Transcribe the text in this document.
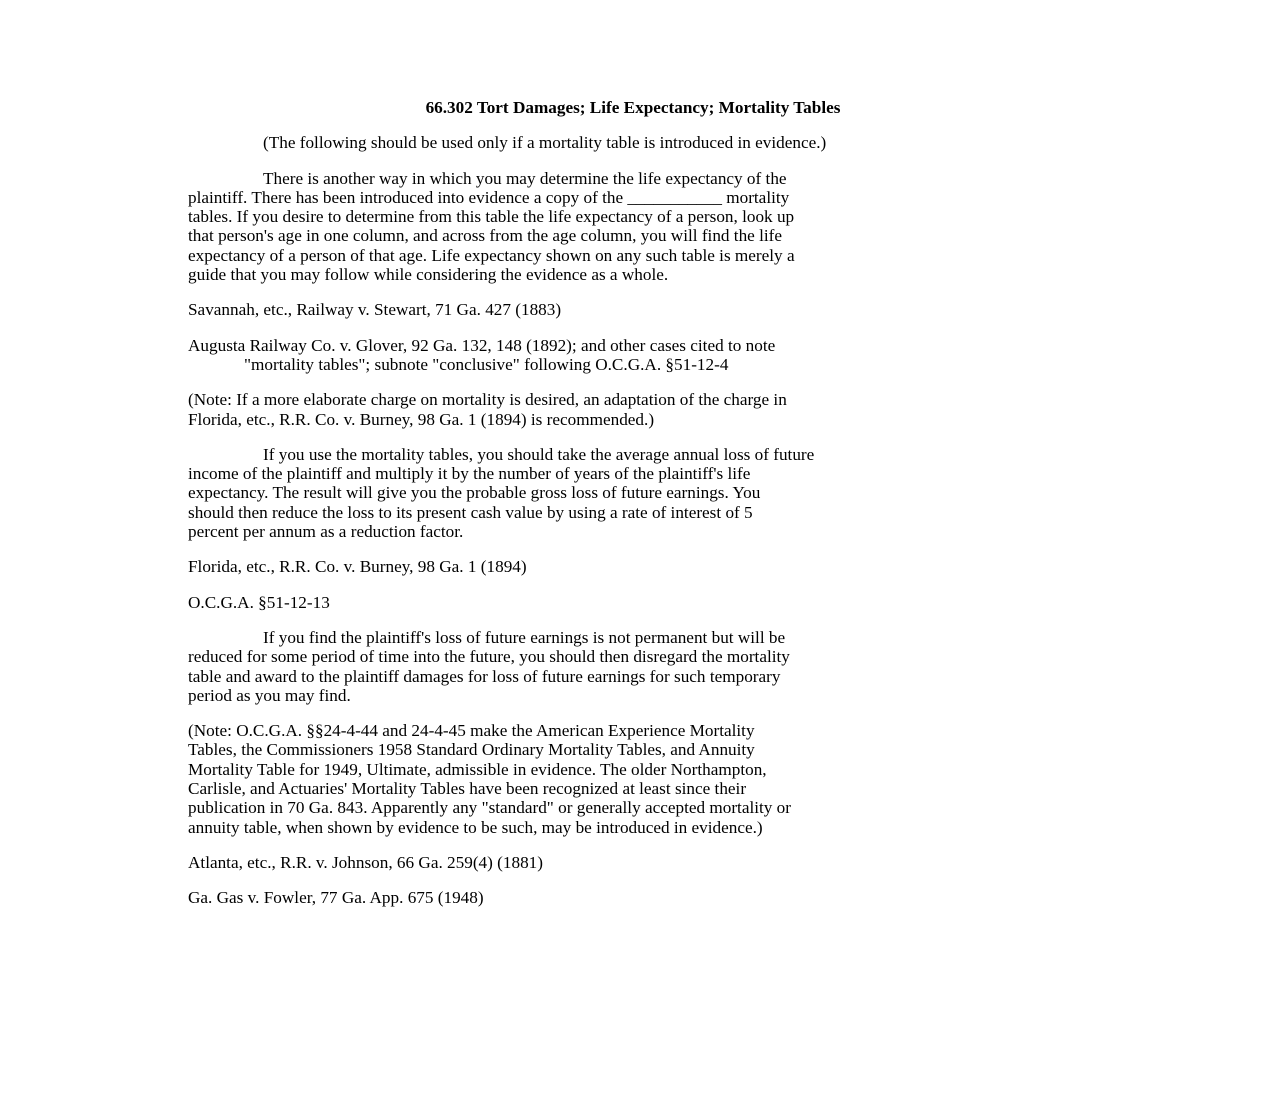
66.302 Tort Damages; Life Expectancy; Mortality Tables
(The following should be used only if a mortality table is introduced in evidence.)
There is another way in which you may determine the life expectancy of the
plaintiff. There has been introduced into evidence a copy of the ___________ mortality
tables. If you desire to determine from this table the life expectancy of a person, look up
that person's age in one column, and across from the age column, you will find the life
expectancy of a person of that age. Life expectancy shown on any such table is merely a
guide that you may follow while considering the evidence as a whole.
Savannah, etc., Railway v. Stewart, 71 Ga. 427 (1883)
Augusta Railway Co. v. Glover, 92 Ga. 132, 148 (1892); and other cases cited to note
"mortality tables"; subnote "conclusive" following O.C.G.A. §51-12-4
(Note: If a more elaborate charge on mortality is desired, an adaptation of the charge in
Florida, etc., R.R. Co. v. Burney, 98 Ga. 1 (1894) is recommended.)
If you use the mortality tables, you should take the average annual loss of future
income of the plaintiff and multiply it by the number of years of the plaintiff's life
expectancy. The result will give you the probable gross loss of future earnings. You
should then reduce the loss to its present cash value by using a rate of interest of 5
percent per annum as a reduction factor.
Florida, etc., R.R. Co. v. Burney, 98 Ga. 1 (1894)
O.C.G.A. §51-12-13
If you find the plaintiff's loss of future earnings is not permanent but will be
reduced for some period of time into the future, you should then disregard the mortality
table and award to the plaintiff damages for loss of future earnings for such temporary
period as you may find.
(Note: O.C.G.A. §§24-4-44 and 24-4-45 make the American Experience Mortality
Tables, the Commissioners 1958 Standard Ordinary Mortality Tables, and Annuity
Mortality Table for 1949, Ultimate, admissible in evidence. The older Northampton,
Carlisle, and Actuaries' Mortality Tables have been recognized at least since their
publication in 70 Ga. 843. Apparently any "standard" or generally accepted mortality or
annuity table, when shown by evidence to be such, may be introduced in evidence.)
Atlanta, etc., R.R. v. Johnson, 66 Ga. 259(4) (1881)
Ga. Gas v. Fowler, 77 Ga. App. 675 (1948)
